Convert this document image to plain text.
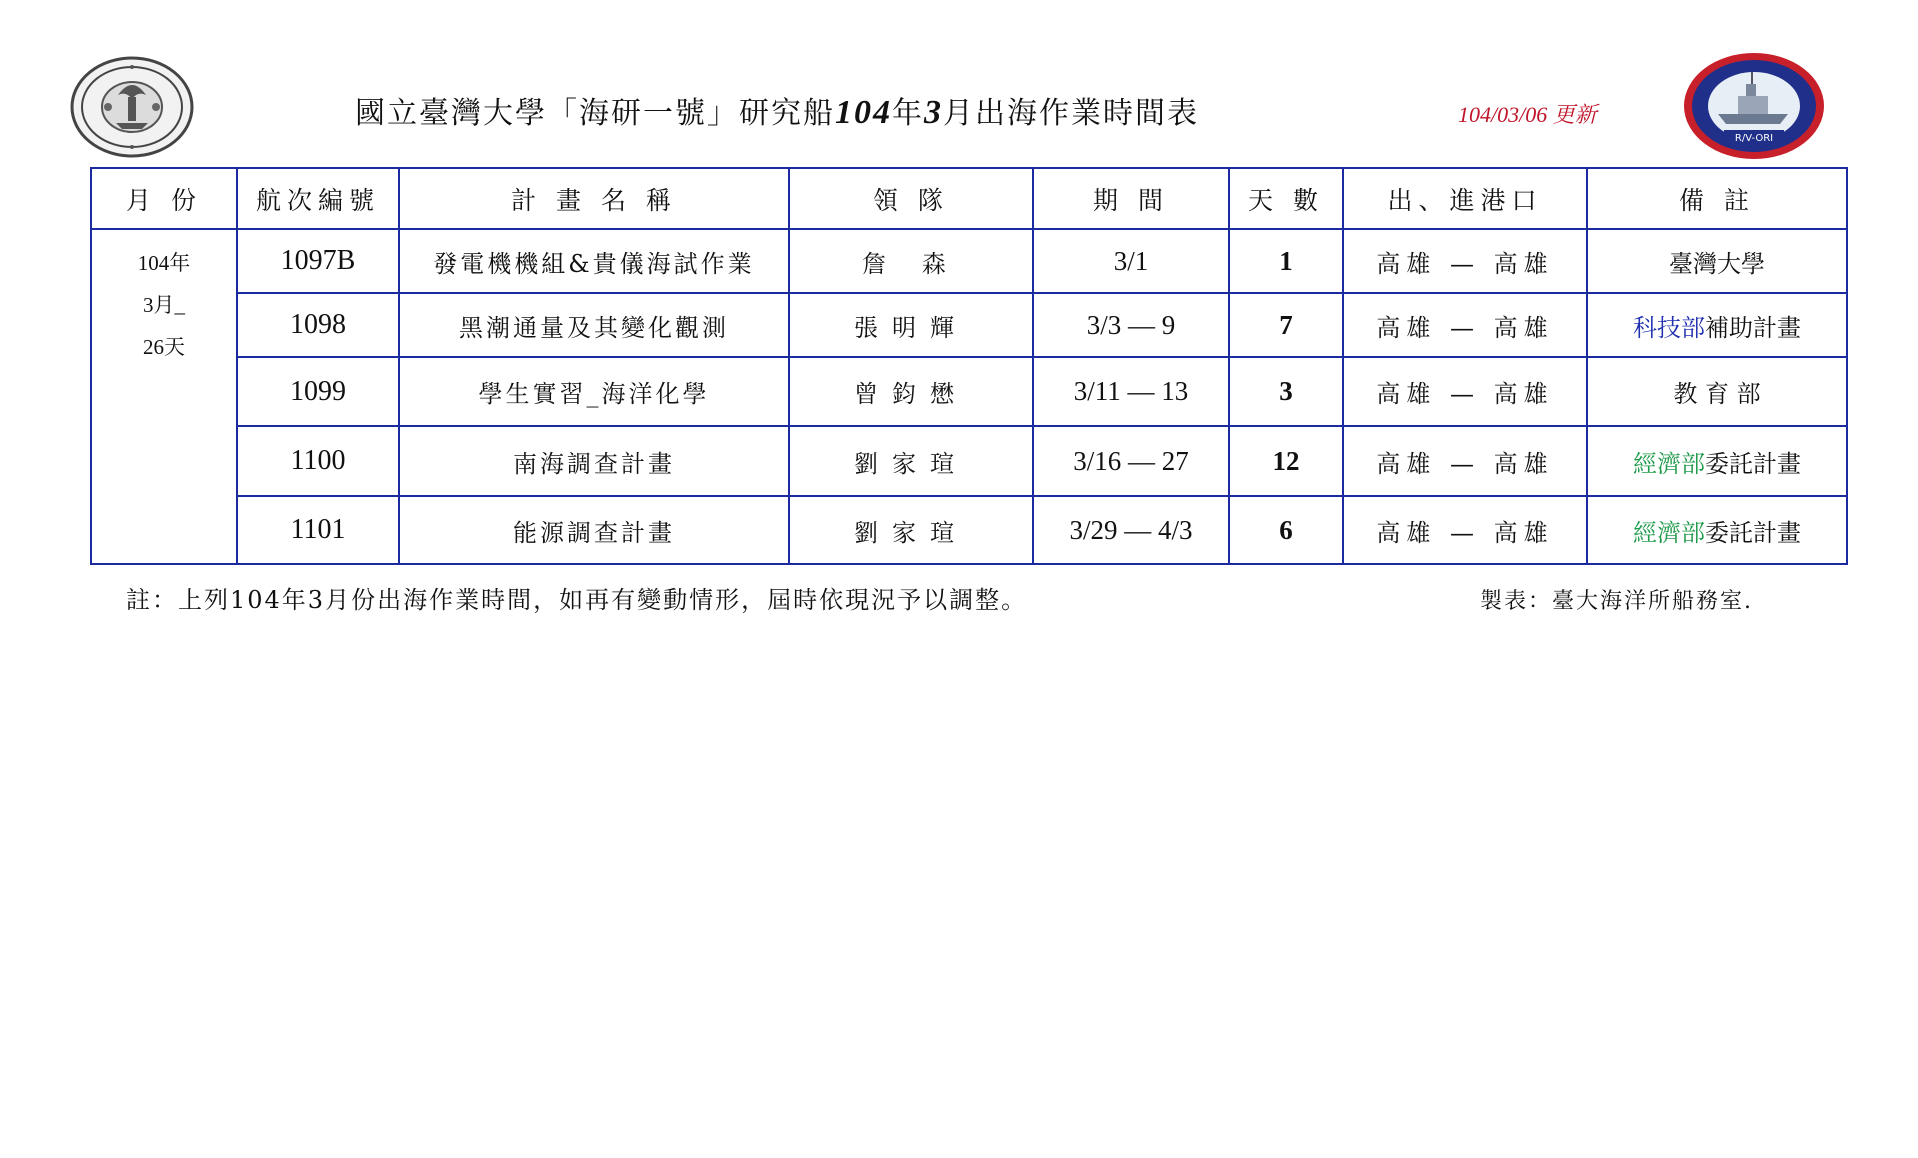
國立臺灣大學「海研一號」研究船104年3月出海作業時間表	104/03/06 更新
R/V-ORI
月 份	航次編號	計 畫 名 稱	領 隊	期 間	天 數	出、進港口	備 註

104年
3月_
26天	1097B	發電機機組&貴儀海試作業	詹 森	3/1	1	高雄 — 高雄	臺灣大學
	1098	黑潮通量及其變化觀測	張明輝	3/3 — 9	7	高雄 — 高雄	科技部補助計畫
	1099	學生實習_海洋化學	曾鈞懋	3/11 — 13	3	高雄 — 高雄	教 育 部
	1100	南海調查計畫	劉家瑄	3/16 — 27	12	高雄 — 高雄	經濟部委託計畫
	1101	能源調查計畫	劉家瑄	3/29 — 4/3	6	高雄 — 高雄	經濟部委託計畫
註：上列104年3月份出海作業時間，如再有變動情形，屆時依現況予以調整。	製表：臺大海洋所船務室.
